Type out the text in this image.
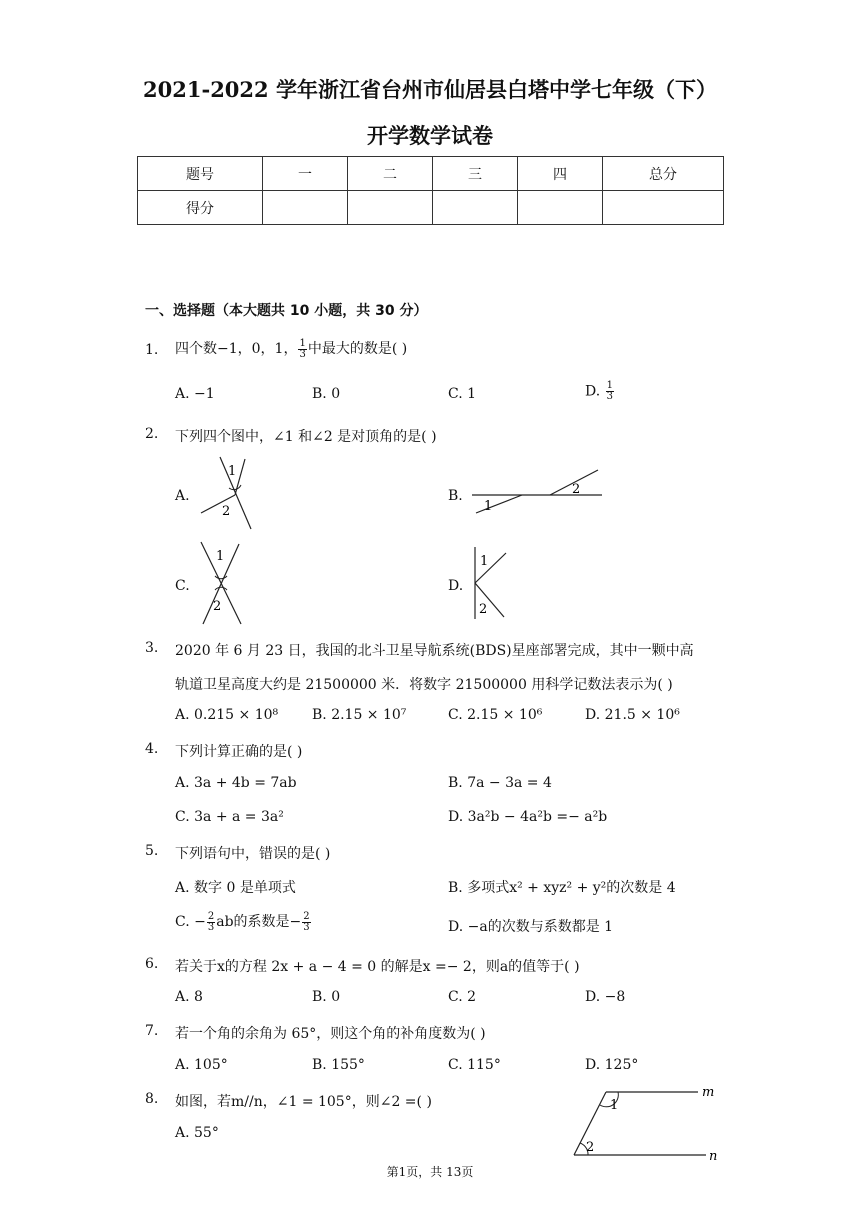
2021-2022 学年浙江省台州市仙居县白塔中学七年级（下）
开学数学试卷
题号	一	二	三	四	总分
得分					
一、选择题（本大题共 10 小题，共 30 分）
1. 四个数−1，0，1， $\frac{1}{3}$ 中最大的数是( )
A. −1	B. 0	C. 1	D. $\frac{1}{3}$
2. 下列四个图中，∠1 和∠2 是对顶角的是( )
A.	B.
C.	D.
1
2	1
2
1
2
1
2
3. 2020 年 6 月 23 日，我国的北斗卫星导航系统(BDS)星座部署完成，其中一颗中高
轨道卫星高度大约是 21500000 米．将数字 21500000 用科学记数法表示为( )
A. 0.215 × 10⁸ B. 2.15 × 10⁷	C. 2.15 × 10⁶	D. 21.5 × 10⁶
4. 下列计算正确的是( )
A. 3a + 4b = 7ab	B. 7a − 3a = 4
C. 3a + a = 3a²	D. 3a²b − 4a²b =− a²b
5. 下列语句中，错误的是( )
A. 数字 0 是单项式	B. 多项式x² + xyz² + y²的次数是 4
C. − $\frac{2}{3}$ ab的系数是− $\frac{2}{3}$	D. −a的次数与系数都是 1
6. 若关于x的方程 2x + a − 4 = 0 的解是x =− 2，则a的值等于( )
A. 8	B. 0	C. 2	D. −8
7. 若一个角的余角为 65°，则这个角的补角度数为( )
A. 105°	B. 155°	C. 115°	D. 125°
8. 如图，若m//n，∠1 = 105°，则∠2 =( )
A. 55°
1
2
m
n
第1页，共 13页
